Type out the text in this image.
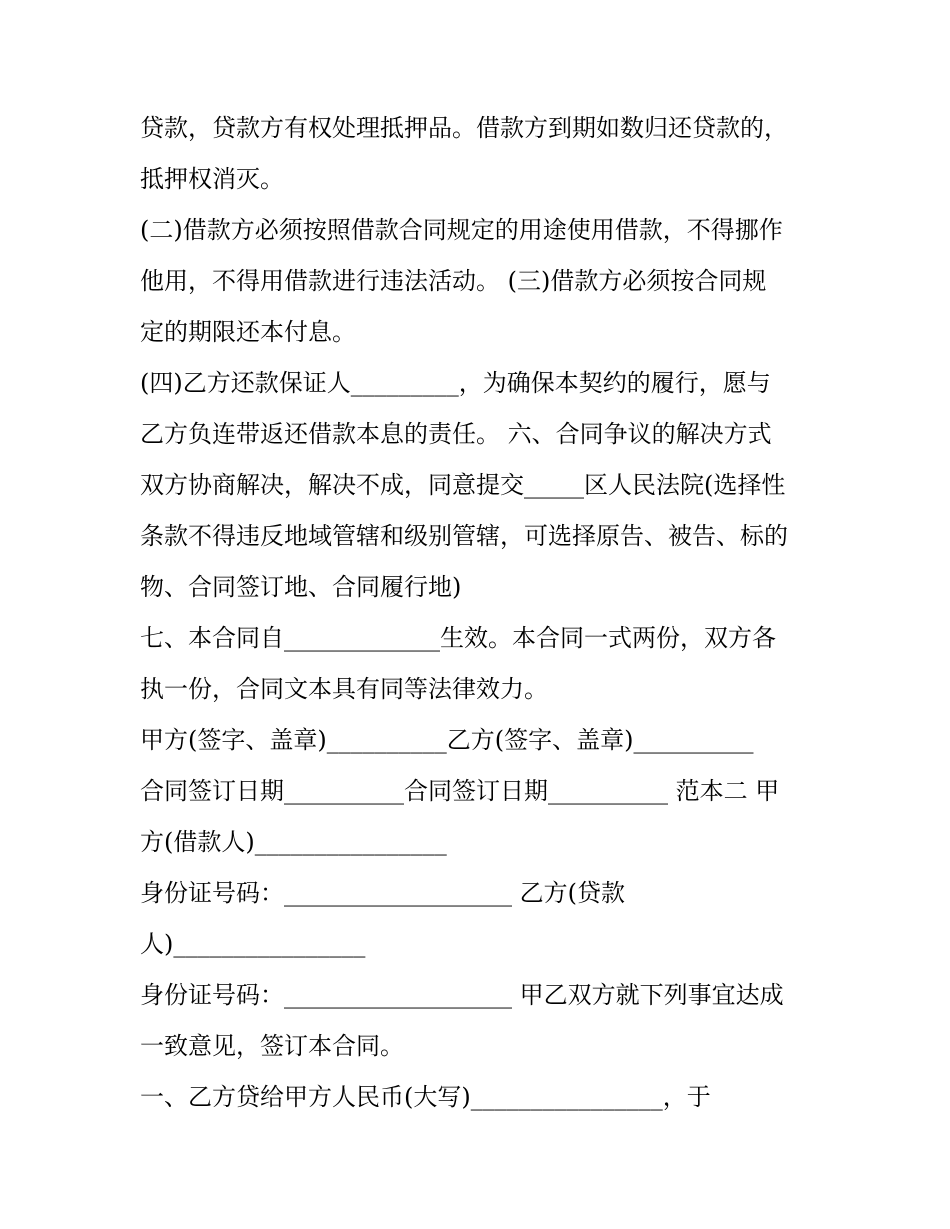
贷款，贷款方有权处理抵押品。借款方到期如数归还贷款的，
抵押权消灭。
(二)借款方必须按照借款合同规定的用途使用借款，不得挪作
他用，不得用借款进行违法活动。 (三)借款方必须按合同规
定的期限还本付息。
(四)乙方还款保证人_________，为确保本契约的履行，愿与
乙方负连带返还借款本息的责任。 六、合同争议的解决方式
双方协商解决，解决不成，同意提交_____区人民法院(选择性
条款不得违反地域管辖和级别管辖，可选择原告、被告、标的
物、合同签订地、合同履行地)
七、本合同自_____________生效。本合同一式两份，双方各
执一份，合同文本具有同等法律效力。
甲方(签字、盖章)__________乙方(签字、盖章)__________
合同签订日期__________合同签订日期__________ 范本二 甲
方(借款人)________________
身份证号码：___________________ 乙方(贷款
人)________________
身份证号码：___________________ 甲乙双方就下列事宜达成
一致意见，签订本合同。
一、乙方贷给甲方人民币(大写)________________，于
